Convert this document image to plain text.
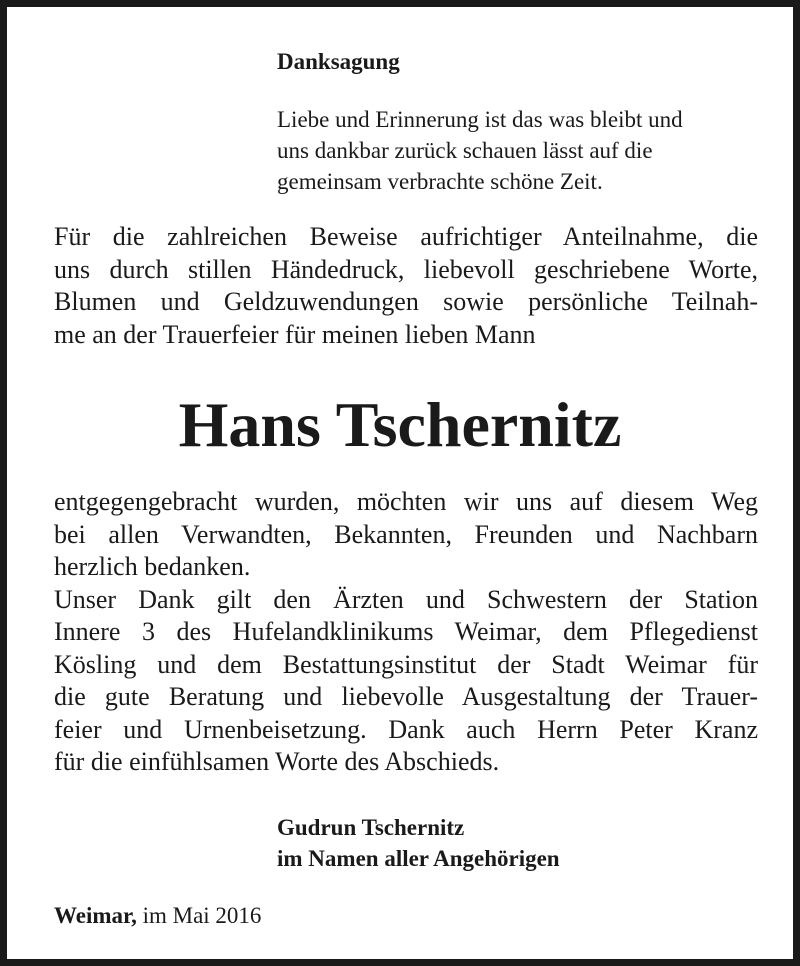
Danksagung
Liebe und Erinnerung ist das was bleibt und
uns dankbar zurück schauen lässt auf die
gemeinsam verbrachte schöne Zeit.
Für die zahlreichen Beweise aufrichtiger Anteilnahme, die
uns durch stillen Händedruck, liebevoll geschriebene Worte,
Blumen und Geldzuwendungen sowie persönliche Teilnah-
me an der Trauerfeier für meinen lieben Mann
Hans Tschernitz
entgegengebracht wurden, möchten wir uns auf diesem Weg
bei allen Verwandten, Bekannten, Freunden und Nachbarn
herzlich bedanken.
Unser Dank gilt den Ärzten und Schwestern der Station
Innere 3 des Hufelandklinikums Weimar, dem Pflegedienst
Kösling und dem Bestattungsinstitut der Stadt Weimar für
die gute Beratung und liebevolle Ausgestaltung der Trauer-
feier und Urnenbeisetzung. Dank auch Herrn Peter Kranz
für die einfühlsamen Worte des Abschieds.
Gudrun Tschernitz
im Namen aller Angehörigen
Weimar, im Mai 2016
